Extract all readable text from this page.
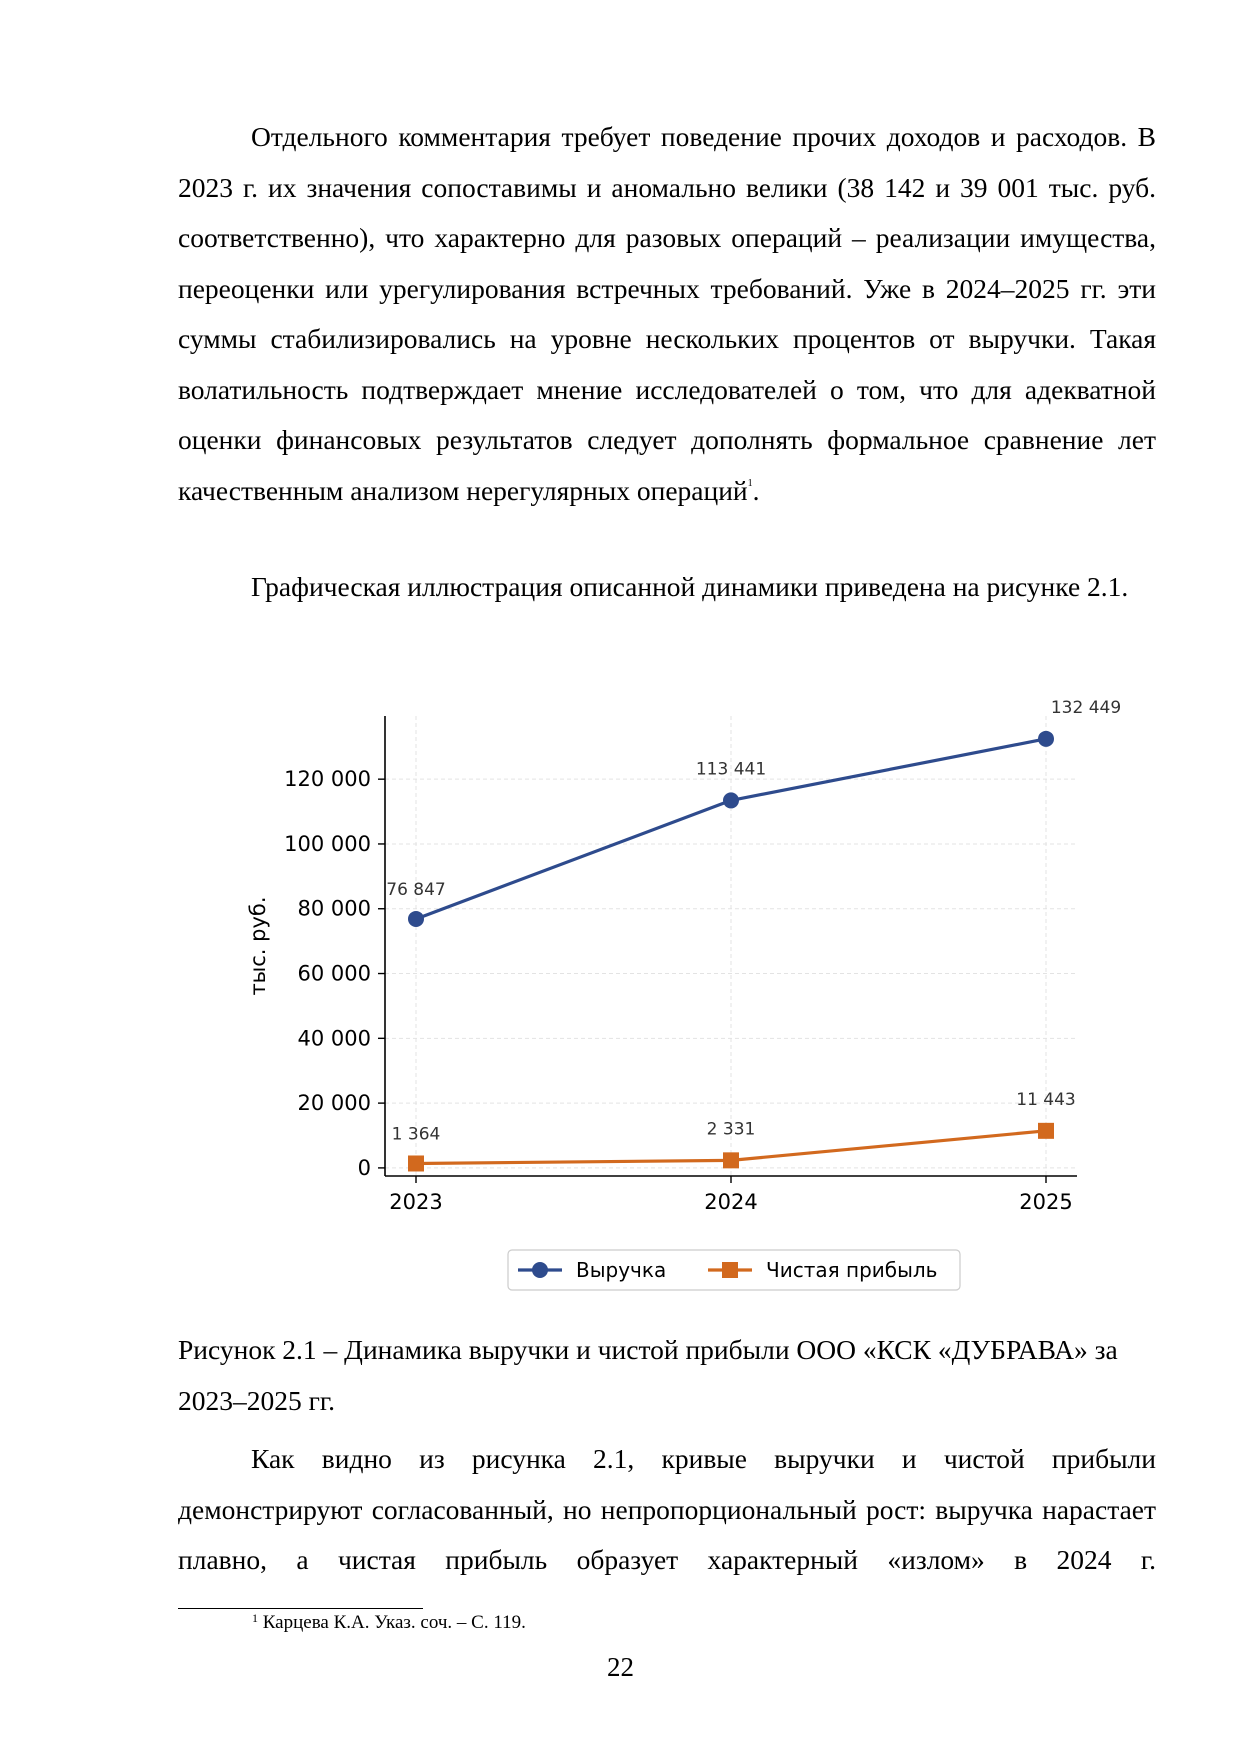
Отдельного комментария требует поведение прочих доходов и расходов. В 2023 г. их значения сопоставимы и аномально велики (38 142 и 39 001 тыс. руб. соответственно), что характерно для разовых операций – реализации имущества, переоценки или урегулирования встречных требований. Уже в 2024–2025 гг. эти суммы стабилизировались на уровне нескольких процентов от выручки. Такая волатильность подтверждает мнение исследователей о том, что для адекватной оценки финансовых результатов следует дополнять формальное сравнение лет качественным анализом нерегулярных операций$^1$.

Графическая иллюстрация описанной динамики приведена на рисунке 2.1.

0
20 000
40 000
60 000
80 000
100 000
120 000
2023	2024	2025
тыс. руб.
76 847
113 441
132 449
1 364	2 331
11 443
Выручка	Чистая прибыль

Рисунок 2.1 – Динамика выручки и чистой прибыли ООО «КСК «ДУБРАВА» за 2023–2025 гг.

Как видно из рисунка 2.1, кривые выручки и чистой прибыли демонстрируют согласованный, но непропорциональный рост: выручка нарастает плавно, а чистая прибыль образует характерный «излом» в 2024 г.

$^1$ Карцева К.А. Указ. соч. – С. 119.
22
